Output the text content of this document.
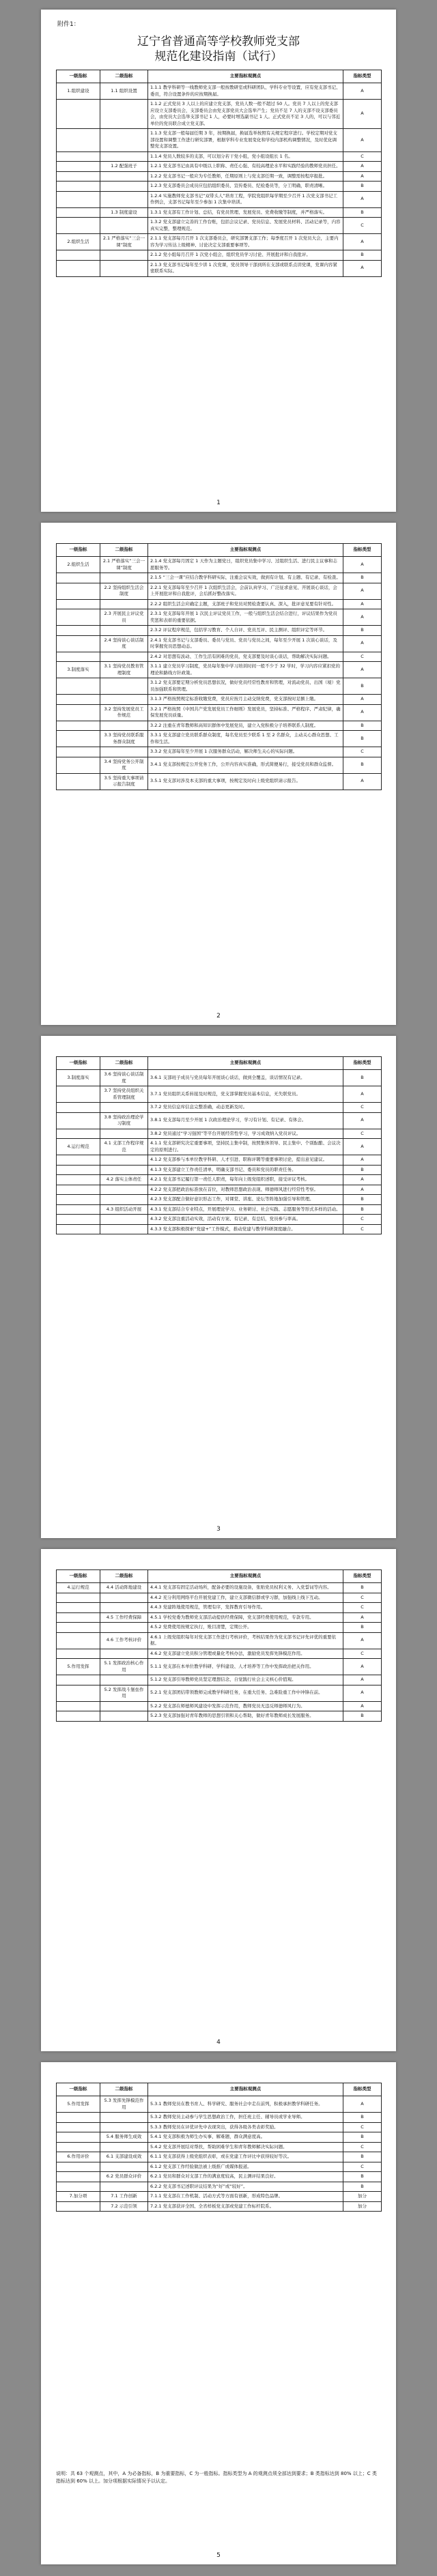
附件1：
辽宁省普通高等学校教师党支部
规范化建设指南（试行）
一级指标	二级指标	主要指标观测点	指标类型
1.组织建设	1.1 组织设置	1.1.1 教学科研等一线教师党支部一般按教研室或科研团队、学科专业等设置，应有党支部书记、委员，符合设置条件的应按期换届。	A
		1.1.2 正式党员 3 人以上的应建立党支部，党员人数一般不超过 50 人。党员 7 人以上的党支部应设立支部委员会，支部委员会由党支部党员大会选举产生；党员不足 7 人的支部不设支部委员会，由党员大会选举支部书记 1 人，必要时增选副书记 1 人。正式党员不足 3 人的，可以与邻近单位的党员联合成立党支部。	A
		1.1.3 党支部一般每届任期 3 年，按期换届，换届选举按照有关规定程序进行。学校定期对党支部设置和调整工作进行研究部署，根据学科专业发展变化和学校内部机构调整情况，及时优化调整党支部设置。	A
		1.1.4 党员人数较多的支部，可以划分若干党小组，党小组设组长 1 名。	C
	1.2 配强班子	1.2.1 党支部书记由具有中级以上职称、责任心强、有较高理论水平和实践经验的教师党员担任。	A
		1.2.2 党支部书记一般应为专任教师，任期原则上与党支部任期一致，调整需按程序报批。	A
		1.2.3 党支部委员会成员应包括组织委员、宣传委员、纪检委员等，分工明确，职责清晰。	B
		1.2.4 实施教师党支部书记“双带头人”培育工程，学院党组织每学期至少召开 1 次党支部书记工作例会，支部书记每年至少参加 1 次集中培训。	A
	1.3 制度建设	1.3.1 党支部有工作计划、总结，有党员管理、发展党员、党费收缴等制度，并严格落实。	B
		1.3.2 党支部建立完善的工作台账，包括会议记录、党员信息、发展党员材料、活动记录等，内容真实完整，整理规范。	C
2.组织生活	2.1 严格落实“三会一课”制度	2.1.1 党支部每月召开 1 次支部委员会，研究部署支部工作；每季度召开 1 次党员大会，主要内容为学习传达上级精神、讨论决定支部重要事项等。	A
		2.1.2 党小组每月召开 1 次党小组会，组织党员学习讨论、开展批评和自我批评。	B
		2.1.3 党支部书记每年至少讲 1 次党课，党员领导干部到所在支部或联系点讲党课，党课内容紧密联系实际。	A
1
一级指标	二级指标	主要指标观测点	指标类型
2.组织生活	2.1 严格落实“三会一课”制度	2.1.4 党支部每月固定 1 天作为主题党日，组织党员集中学习、过组织生活、进行民主议事和志愿服务等。	A
		2.1.5 “三会一课”应结合教学科研实际，注重会议实效，做到有计划、有主题、有记录、有检查。	B
	2.2 坚持组织生活会制度	2.2.1 党支部每年至少召开 1 次组织生活会，会前认真学习、广泛征求意见、开展谈心谈话，会上开展批评和自我批评，会后抓好整改落实。	A
		2.2.2 组织生活会应确定主题，支部班子和党员对照检查要认真、深入，批评意见要有针对性。	A
	2.3 开展民主评议党员	2.3.1 党支部每年开展 1 次民主评议党员工作，一般与组织生活会结合进行，评议结果作为党员奖惩和表彰的重要依据。	A
		2.3.2 评议程序规范，包括学习教育、个人自评、党员互评、民主测评、组织评定等环节。	B
	2.4 坚持谈心谈话制度	2.4.1 党支部书记与支部委员、委员与党员、党员与党员之间，每年至少开展 1 次谈心谈话，及时掌握党员思想动态。	A
		2.4.2 对思想有波动、工作生活有困难的党员，党支部要及时谈心谈话，帮助解决实际问题。	C
3.制度落实	3.1 坚持党员教育管理制度	3.1.1 建立党员学习制度，党员每年集中学习培训时间一般不少于 32 学时，学习内容应紧扣党的理论和路线方针政策。	A
		3.1.2 党支部要定期分析党员思想状况，做好党员经常性教育和管理，对流动党员、出国（境）党员加强联系和管理。	B
		3.1.3 严格按照规定标准收缴党费，党员应按月主动交纳党费，党支部按时足额上缴。	A
	3.2 坚持发展党员工作规范	3.2.1 严格按照《中国共产党发展党员工作细则》发展党员，坚持标准、严格程序、严肃纪律，确保发展党员质量。	A
		3.2.2 注重在青年教师和高知识群体中发展党员，建立入党积极分子培养联系人制度。	B
	3.3 坚持党员联系服务群众制度	3.3.1 党支部建立党员联系群众制度，每名党员至少联系 1 至 2 名群众，主动关心群众思想、工作和生活。	B
		3.3.2 党支部每年至少开展 1 次服务群众活动，解决师生关心的实际问题。	C
	3.4 坚持党务公开制度	3.4.1 党支部按规定公开党务工作，公开内容真实准确，形式简便易行，接受党员和群众监督。	B
	3.5 坚持重大事项请示报告制度	3.5.1 党支部对涉及本支部的重大事项，按规定及时向上级党组织请示报告。	A
2
一级指标	二级指标	主要指标观测点	指标类型
3.制度落实	3.6 坚持谈心谈话制度	3.6.1 支部班子成员与党员每年开展谈心谈话，做到全覆盖，谈话情况有记录。	B
	3.7 坚持党员组织关系管理制度	3.7.1 党员组织关系转接及时规范，党支部掌握党员基本信息，无失联党员。	A
		3.7.2 党员信息库信息完整准确，动态更新及时。	C
	3.8 坚持政治理论学习制度	3.8.1 党支部每月至少开展 1 次政治理论学习，学习有计划、有记录、有体会。	A
		3.8.2 党员通过“学习强国”等平台开展经常性学习，学习成效纳入党员评议。	C
4.运行规范	4.1 支部工作程序规范	4.1.1 党支部研究决定重要事项，坚持民主集中制，按照集体领导、民主集中、个别酝酿、会议决定的原则进行。	A
		4.1.2 党支部参与本单位教学科研、人才引进、职称评聘等重要事项讨论，提出意见建议。	A
		4.1.3 党支部建立工作责任清单，明确支部书记、委员和党员的职责任务。	B
	4.2 落实主体责任	4.2.1 党支部书记履行第一责任人职责，每年向上级党组织述职，接受评议考核。	A
		4.2.2 党支部把政治标准放在首位，对教师思想政治表现、师德师风进行经常性考察。	A
		4.2.3 党支部配合做好意识形态工作，对课堂、讲座、论坛等阵地加强引导和管理。	B
	4.3 组织活动开展	4.3.1 党支部结合专业特点，开展理论学习、业务研讨、社会实践、志愿服务等形式多样的活动。	B
		4.3.2 党支部注重活动实效，活动有方案、有记录、有总结，党员参与率高。	C
		4.3.3 党支部积极探索“党建+”工作模式，推动党建与教学科研深度融合。	C
3
一级指标	二级指标	主要指标观测点	指标类型
4.运行规范	4.4 活动阵地建设	4.4.1 党支部有固定活动场所，配备必要的设施设备，张贴党员权利义务、入党誓词等内容。	B
		4.4.2 充分利用网络平台开展党建工作，建立支部微信群或学习群，加强线上线下互动。	C
		4.4.3 党建阵地使用规范，管理有序，发挥教育引导作用。	C
	4.5 工作经费保障	4.5.1 学校党委为教师党支部活动提供经费保障，党支部经费使用规范，专款专用。	A
		4.5.2 党费使用按规定执行，账目清楚，定期公开。	B
	4.6 工作考核评价	4.6.1 上级党组织每年对党支部工作进行考核评价，考核结果作为党支部书记评先评优的重要依据。	A
		4.6.2 党支部建立党员积分管理或量化考核办法，激励党员发挥先锋模范作用。	C
5.作用发挥	5.1 发挥政治核心作用	5.1.1 党支部在本单位教学科研、学科建设、人才培养等工作中发挥政治把关作用。	A
		5.1.2 党支部引导教师党员坚定理想信念，自觉践行社会主义核心价值观。	A
	5.2 发挥战斗堡垒作用	5.2.1 党支部团结带领教师完成教学科研任务，在重大任务、急难险重工作中冲锋在前。	A
		5.2.2 党支部在师德师风建设中发挥示范作用，教师党员无违反师德师风行为。	A
		5.2.3 党支部加强对青年教师的思想引领和关心帮助，做好青年教师成长发展服务。	B
4
一级指标	二级指标	主要指标观测点	指标类型
5.作用发挥	5.3 发挥先锋模范作用	5.3.1 教师党员在教书育人、科学研究、服务社会中走在前列，积极承担教学科研任务。	A
		5.3.2 教师党员主动参与学生思想政治工作，担任班主任、辅导员或学业导师。	B
		5.3.3 教师党员在评优评先中表现突出，获得各级各类表彰奖励。	C
	5.4 服务师生成效	5.4.1 党支部积极为师生办实事、解难题，群众满意度高。	B
		5.4.2 党支部开展结对帮扶，帮助困难学生和青年教师解决实际问题。	C
6.作用评价	6.1 支部建设成效	6.1.1 党支部获得上级党组织表彰，或在党建工作评比中获得较好等次。	B
		6.1.2 党支部工作经验做法被上级推广或媒体报道。	C
	6.2 党员群众评价	6.2.1 党员和群众对支部工作的满意度较高，民主测评结果良好。	B
		6.2.2 党支部书记述职评议结果为“好”或“较好”。	B
7.加分项	7.1 工作创新	7.1.1 党支部在工作机制、活动方式等方面有创新，形成特色品牌。	加分
	7.2 示范引领	7.2.1 党支部获评全国、全省样板党支部或党建工作标杆院系。	加分
说明：共 63 个观测点，其中，A 为必备指标，B 为重要指标，C 为一般指标。指标类型为 A 的观测点须全部达到要求；B 类指标达到 80% 以上；C 类指标达到 60% 以上。加分项根据实际情况予以认定。
5
